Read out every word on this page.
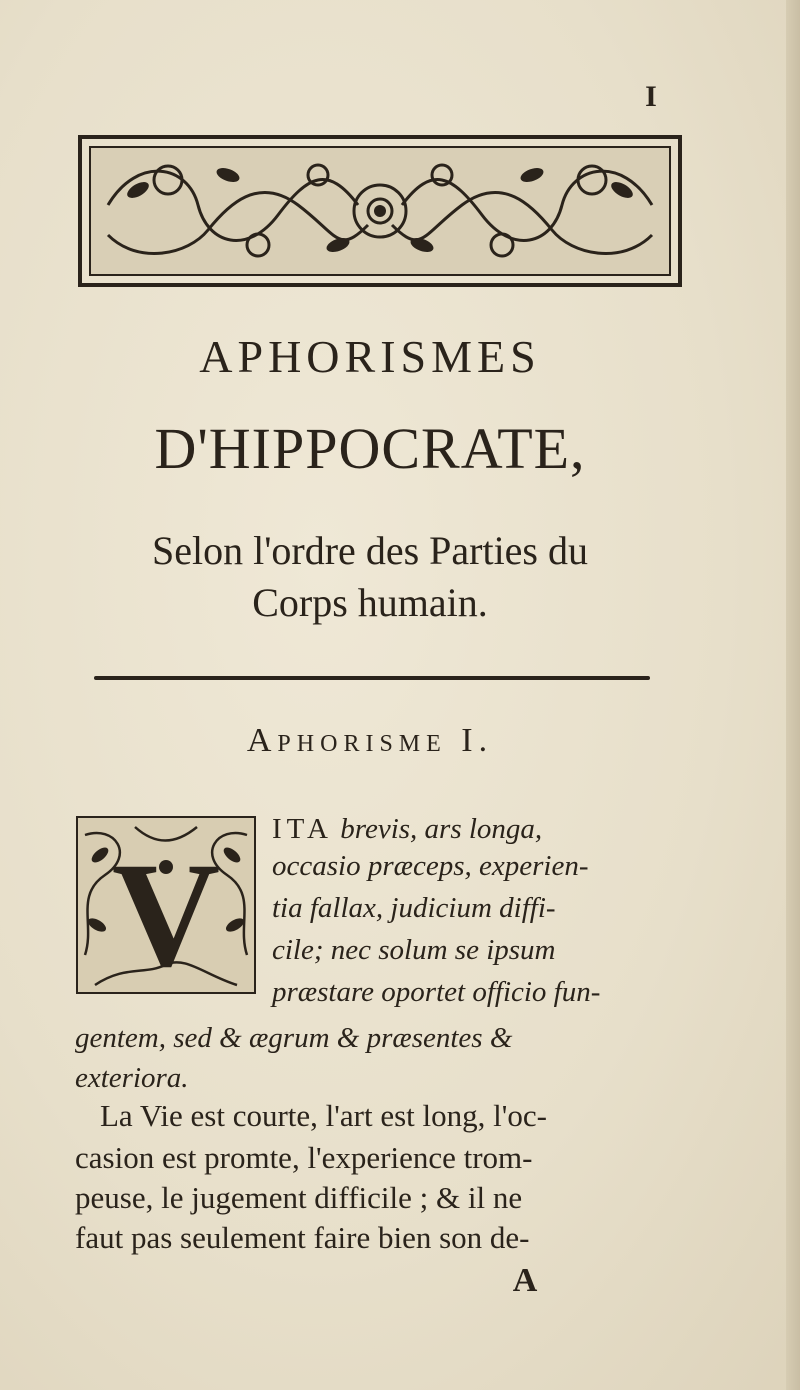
I
APHORISMES
D'HIPPOCRATE,
Selon l'ordre des Parties du
Corps humain.
Aphorisme I.
V
ITA brevis, ars longa,
occasio præceps, experien-
tia fallax, judicium diffi-
cile; nec solum se ipsum
præstare oportet officio fun-
gentem, sed & ægrum & præsentes &
exteriora.
La Vie est courte, l'art est long, l'oc-
casion est promte, l'experience trom-
peuse, le jugement difficile ; & il ne
faut pas seulement faire bien son de-
A
